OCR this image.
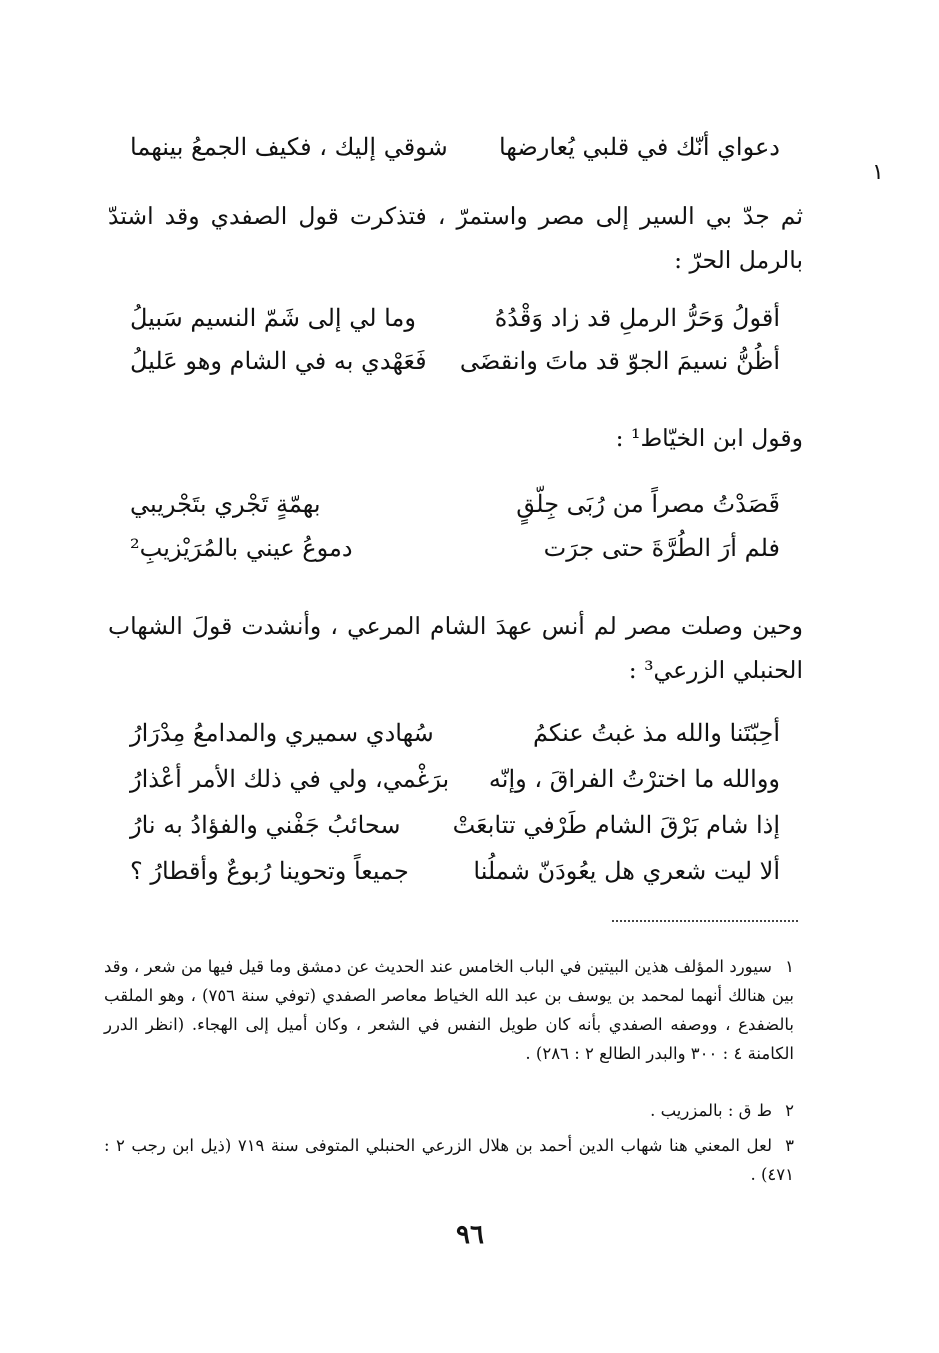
١
دعواي أنّك في قلبي يُعارضها
شوقي إليك ، فكيف الجمعُ بينهما
ثم جدّ بي السير إلى مصر واستمرّ ، فتذكرت قول الصفدي وقد اشتدّ بالرمل الحرّ :
أقولُ وَحَرُّ الرملِ قد زاد وَقْدُهُ
وما لي إلى شَمّ النسيم سَبيلُ
أظُنُّ نسيمَ الجوّ قد ماتَ وانقضَى
فَعَهْدي به في الشام وهو عَليلُ
وقول ابن الخيّاط¹ :
قَصَدْتُ مصراً من رُبَى جِلّقٍ
بهمّةٍ تَجْري بتَجْريبي
فلم أرَ الطُرَّةَ حتى جرَت
دموعُ عيني بالمُرَيْزيبِ²
وحين وصلت مصر لم أنس عهدَ الشام المرعي ، وأنشدت قولَ الشهاب الحنبلي الزرعي³ :
أحِبّتَنا والله مذ غبتُ عنكمُ
سُهادي سميري والمدامعُ مِدْرَارُ
ووالله ما اخترْتُ الفراقَ ، وإنّه
برَغْمي، ولي في ذلك الأمر أعْذارُ
إذا شام بَرْقَ الشام طَرْفي تتابعَتْ
سحائبُ جَفْني والفؤادُ به نارُ
ألا ليت شعري هل يعُودَنّ شملُنا
جميعاً وتحوينا رُبوعٌ وأقطارُ ؟
١سيورد المؤلف هذين البيتين في الباب الخامس عند الحديث عن دمشق وما قيل فيها من شعر ، وقد بين هنالك أنهما لمحمد بن يوسف بن عبد الله الخياط معاصر الصفدي (توفي سنة ٧٥٦) ، وهو الملقب بالضفدع ، ووصفه الصفدي بأنه كان طويل النفس في الشعر ، وكان أميل إلى الهجاء. (انظر الدرر الكامنة ٤ : ٣٠٠ والبدر الطالع ٢ : ٢٨٦) .
٢ط ق : بالمزريب .
٣لعل المعني هنا شهاب الدين أحمد بن هلال الزرعي الحنبلي المتوفى سنة ٧١٩ (ذيل ابن رجب ٢ : ٤٧١) .
٩٦
